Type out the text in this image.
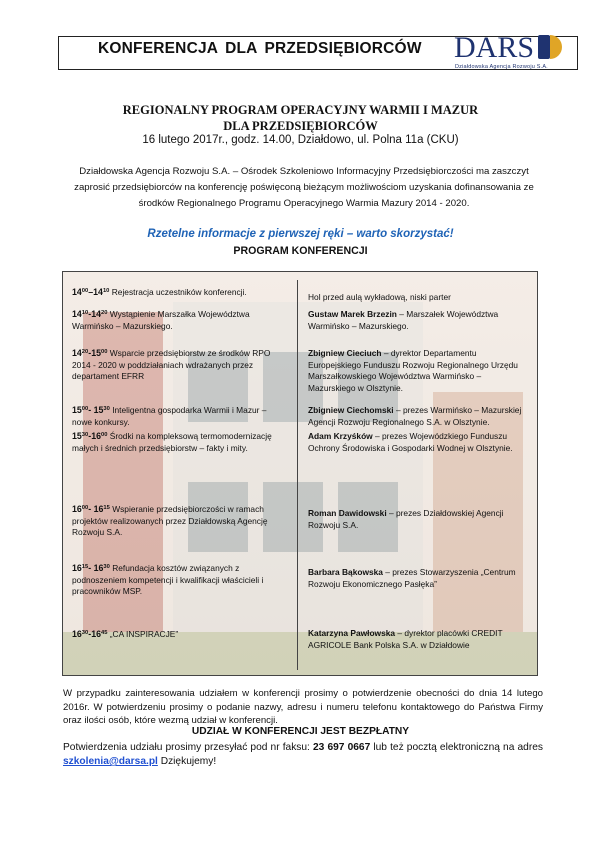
KONFERENCJA DLA PRZEDSIĘBIORCÓW DARS
Działdowska Agencja Rozwoju S.A.
REGIONALNY PROGRAM OPERACYJNY WARMII I MAZUR
DLA PRZEDSIĘBIORCÓW
16 lutego 2017r., godz. 14.00, Działdowo, ul. Polna 11a (CKU)
Działdowska Agencja Rozwoju S.A. – Ośrodek Szkoleniowo Informacyjny Przedsiębiorczości ma zaszczyt zaprosić przedsiębiorców na konferencję poświęconą bieżącym możliwościom uzyskania dofinansowania ze środków Regionalnego Programu Operacyjnego Warmia Mazury 2014 - 2020.
Rzetelne informacje z pierwszej ręki – warto skorzystać!
PROGRAM KONFERENCJI
$14^{00}-14^{10}$ Rejestracja uczestników konferencji.
$14^{10}-14^{20}$ Wystąpienie Marszałka Województwa Warmińsko – Mazurskiego.
$14^{20}-15^{00}$ Wsparcie przedsiębiorstw ze środków RPO 2014 - 2020 w poddziałaniach wdrażanych przez departament EFRR
$15^{00}-$ $15^{30}$ Inteligentna gospodarka Warmii i Mazur – nowe konkursy.
$15^{30}-16^{00}$ Środki na kompleksową termomodernizację małych i średnich przedsiębiorstw – fakty i mity.
$16^{00}-$ $16^{15}$ Wspieranie przedsiębiorczości w ramach projektów realizowanych przez Działdowską Agencję Rozwoju S.A.
$16^{15}-$ $16^{30}$ Refundacja kosztów związanych z podnoszeniem kompetencji i kwalifikacji właścicieli i pracowników MSP.
$16^{30}-16^{45}$ „CA INSPIRACJE”
Hol przed aulą wykładową, niski parter
Gustaw Marek Brzezin – Marszałek Województwa Warmińsko – Mazurskiego.
Zbigniew Cieciuch – dyrektor Departamentu Europejskiego Funduszu Rozwoju Regionalnego Urzędu Marszałkowskiego Województwa Warmińsko – Mazurskiego w Olsztynie.
Zbigniew Ciechomski – prezes Warmińsko – Mazurskiej Agencji Rozwoju Regionalnego S.A. w Olsztynie.
Adam Krzyśków – prezes Wojewódzkiego Funduszu Ochrony Środowiska i Gospodarki Wodnej w Olsztynie.
Roman Dawidowski – prezes Działdowskiej Agencji Rozwoju S.A.
Barbara Bąkowska – prezes Stowarzyszenia „Centrum Rozwoju Ekonomicznego Pasłęka”
Katarzyna Pawłowska – dyrektor placówki CREDIT AGRICOLE Bank Polska S.A. w Działdowie
W przypadku zainteresowania udziałem w konferencji prosimy o potwierdzenie obecności do dnia 14 lutego 2016r. W potwierdzeniu prosimy o podanie nazwy, adresu i numeru telefonu kontaktowego do Państwa Firmy oraz ilości osób, które wezmą udział w konferencji.
UDZIAŁ W KONFERENCJI JEST BEZPŁATNY
Potwierdzenia udziału prosimy przesyłać pod nr faksu: 23 697 0667 lub też pocztą elektroniczną na adres szkolenia@darsa.pl Dziękujemy!
